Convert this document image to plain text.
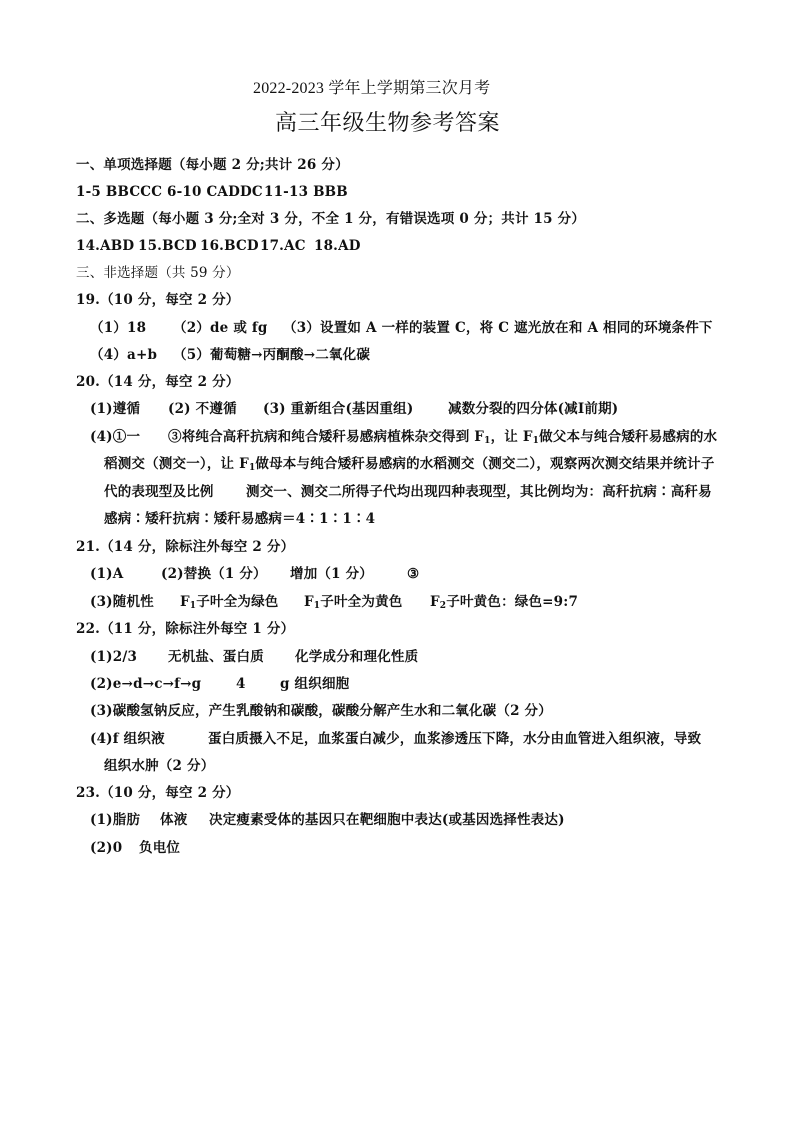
2022-2023 学年上学期第三次月考
高三年级生物参考答案
一、单项选择题（每小题 2 分;共计 26 分）
1-5 BBCCC 6-10 CADDC11-13 BBB
二、多选题（每小题 3 分;全对 3 分，不全 1 分，有错误选项 0 分；共计 15 分）
14.ABD 15.BCD 16.BCD17.AC 18.AD
三、非选择题（共 59 分）
19.（10 分，每空 2 分）
（1）18 （2）de 或 fg （3）设置如 A 一样的装置 C，将 C 遮光放在和 A 相同的环境条件下
（4）a+b （5）葡萄糖→丙酮酸→二氧化碳
20.（14 分，每空 2 分）
(1)遵循 (2) 不遵循 (3) 重新组合(基因重组)	减数分裂的四分体(减Ⅰ前期)
(4)①一 ③将纯合高秆抗病和纯合矮秆易感病植株杂交得到 $F_1$，让 $F_1$做父本与纯合矮秆易感病的水
稻测交（测交一），让 $F_1$做母本与纯合矮秆易感病的水稻测交（测交二），观察两次测交结果并统计子
代的表现型及比例 测交一、测交二所得子代均出现四种表现型，其比例均为：高秆抗病∶高秆易
感病∶矮秆抗病∶矮秆易感病＝4∶1∶1∶4
21.（14 分，除标注外每空 2 分）
(1)A	(2)替换（1 分） 增加（1 分）	③
(3)随机性 $F_1$子叶全为绿色 $F_1$子叶全为黄色 $F_2$子叶黄色：绿色=9:7
22.（11 分，除标注外每空 1 分）
(1)2/3 无机盐、蛋白质 化学成分和理化性质
(2)e→d→c→f→g	4	g 组织细胞
(3)碳酸氢钠反应，产生乳酸钠和碳酸，碳酸分解产生水和二氧化碳（2 分）
(4)f 组织液	蛋白质摄入不足，血浆蛋白减少，血浆渗透压下降，水分由血管进入组织液，导致
组织水肿（2 分）
23.（10 分，每空 2 分）
(1)脂肪 体液 决定瘦素受体的基因只在靶细胞中表达(或基因选择性表达)
(2)0 负电位
